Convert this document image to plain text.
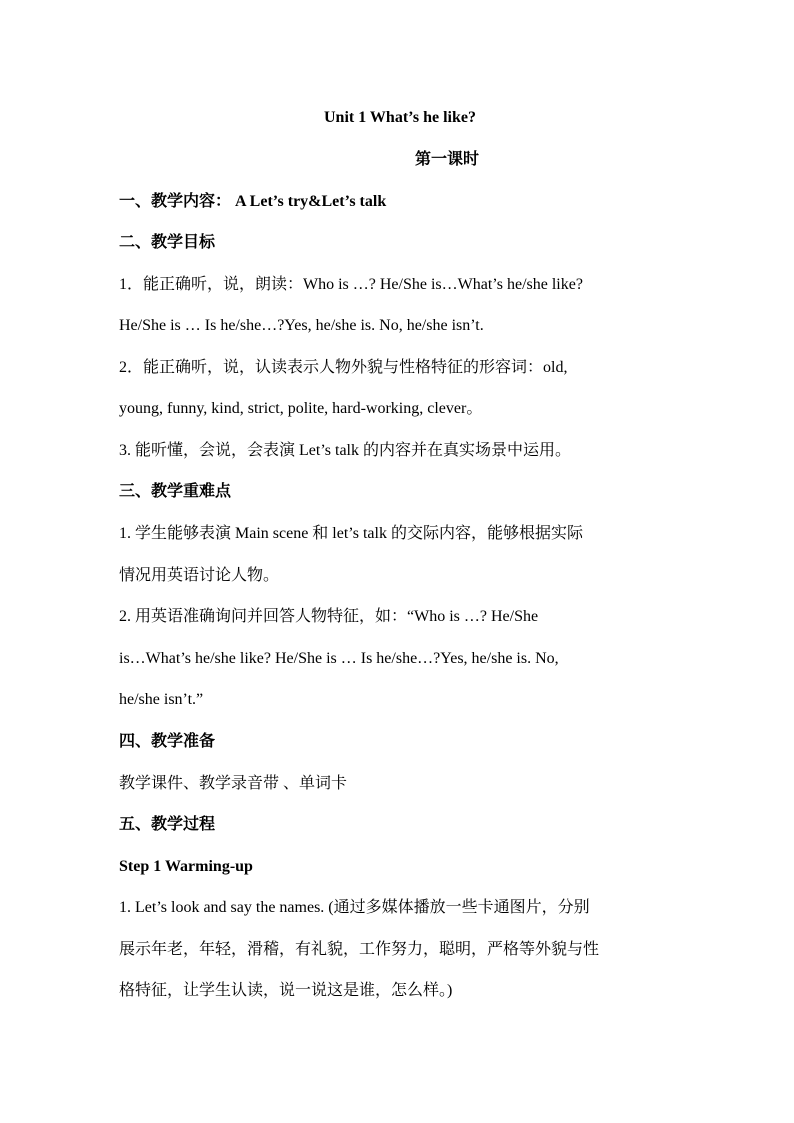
Unit 1 What’s he like?

第一课时

一、教学内容： A Let’s try&Let’s talk

二、教学目标

1．能正确听，说，朗读：Who is …? He/She is…What’s he/she like?

He/She is … Is he/she…?Yes, he/she is. No, he/she isn’t.

2．能正确听，说，认读表示人物外貌与性格特征的形容词：old,

young, funny, kind, strict, polite, hard-working, clever。

3. 能听懂，会说，会表演 Let’s talk 的内容并在真实场景中运用。

三、教学重难点

1. 学生能够表演 Main scene 和 let’s talk 的交际内容，能够根据实际

情况用英语讨论人物。

2. 用英语准确询问并回答人物特征，如：“Who is …? He/She

is…What’s he/she like? He/She is … Is he/she…?Yes, he/she is. No,

he/she isn’t.”

四、教学准备

教学课件、教学录音带 、单词卡

五、教学过程

Step 1 Warming-up

1. Let’s look and say the names. (通过多媒体播放一些卡通图片，分别

展示年老，年轻，滑稽，有礼貌，工作努力，聪明，严格等外貌与性

格特征，让学生认读，说一说这是谁，怎么样。)
